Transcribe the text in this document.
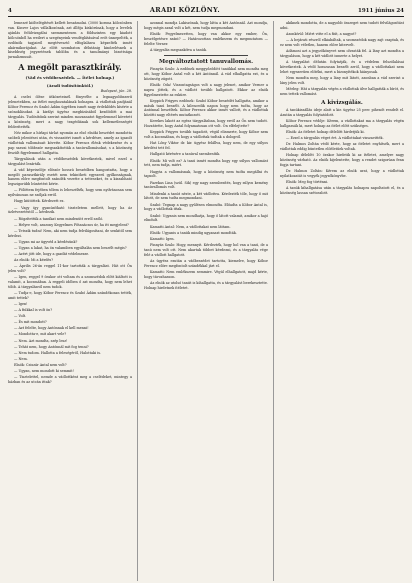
4	ARADI KÖZLÖNY.	1911 június 24

lemezzé kiöltelégítését kellett beszámolni. (3000 korona kölcsönben van. Kinver Lajos vállalkozónak, azt állítja kiskórúnak, hogy a levelek ajánlás felülvizsgálni szemmentesen a földszinten egy kiadott kölcsönből ha weilert a szegényeink vendéglátásával erőt ünnepelték, a ezdőnök tagjairól megtévesztő elfoglalásra képzelték ismét akármikorájukat. Az előtt szombaton délutánig kinőzelésnek a kisebbség jegyzetének tablóba és a tanulmányi bizottsága jurnalizmusát.

A megölt parasztkirály.

(Vád és védőbeszédek. — Ítélet holnap.)

(Aradi tudósítónktól.)

Budapest, jún. 28.

A cselei ölése ütközeteinél. fönyvélte a legnagyobbszerű jelenetekben, az ítélet meghozatalának holnapra. A vádlottak padjánál Kóbor Ferencz és Szabó Ádám ügyében ismét nagy érdeklődés kísérte a szónoklásokat. A királyi ügyész megbízásából kezdődött a mai tárgyalás. Tudósítóink szerint minden mozzanatot figyelemmel követett a közönség, mert a nagy tragédiának sok kellemetlenségét felderítették.

Néz mikor a hírlapi tárlat nyomán az első elnöki beszédet mondotta szóbeli jelentései után, és visszatért ismét a kérdésre, amely az igazolt vádlottak vallomásait követte. Kóbor Ferencz élénk védekezése és a pap szavai többször megszakították a tanúvallomásokat, s a közönség feszült figyelemmel hallgatta.

Tárgyalások után a védőbeszédek következtek, mivel ezzel a tárgyalást lezárták.

A vád képviselője először hosszú beszédben hangoztatta, hogy a megölt parasztkirály esetét nem tekintheti egyszerű gyilkosságnak, hanem előre megfontolt szándék vezette a tetteseket, és a kiszabható legszigorúbb büntetést kérte.

— Fölöttem fejében tőlem is lebeszélték, hogy sem nyilvánosan sem nyilvánosan ne szóljak erről.

Hagy kiütöttek. Kérdezett ez.

— Vagy így gyanúsítható tiszteletem mellett, hogy ha áz üzletvezetéstől — kérdezik.

— Rögzítettük a tanúkat nem mindenütt erről szóló.

— Helyre volt, asszony Kegyelmes Főtanácsos úr, ha itt megjelent?

— Tetszik tudni! Nem, aki nem tudja felvilágosítani, de senkitől sem kérdezi.

— Ugyan mi az ügyvéd a kérdésünk?

— Ugyan a lakat, ha ön valamiben egyáltalán nem beszélt mégis?

— Azért jött ide, hogy a gazdát védelmezze.

Az elnök: Mi a kérdés?

— Április 26-án reggel 11-kor tartották a tárgyalást. Hát ott Ön jelen volt?

— Igen, reggel 9 órakor ott voltam és a szomszédok előtt kiáltott is valamit, a kocsmában. A reggeli időben ő azt mondta, hogy nem lehet több. A tárgyalásról nem tudok.

— Tudja-e, hogy Kóbor Ferencz és Szabó Ádám szándékosan tették, amit tettek?

— Igen!

— A fiúkkal is volt ön?

— Volt.

— És mit mondott?

— Azt felelte, hogy Antónnak el kell menni!

— Mondotta-e, mit akart vele?

— Nem. Azt mondta, szép lesz!

— Tehát nem, hogy Antónnál mit fog tenni?

— Nem tudom. Hallotta a feleségéről, Halottaki is.

— Nem.

Elnök: Csiszár Antal nem volt?

— Ugyan, nem mondott ki semmit!

— Tisztelettel, nemde a vádlottként meg a cselédeket, mintegy a házban és az utcán ittak?

azonnal mondja Lakiszónak, hogy látta a két Antónnál. Azt mondja, hogy mégis azzal volt a két, nem tudja megmondani.

Elnök: Fegyelmezetten, hogy van akkor egy ember, Ön, beszélgetésre szánt? — Határozottan emlékezem és megmutatom — felelte Verner.

A tárgyalás megszakítva a tanúk.

Megváltoztatott tanuvallomás.

Finnyás Szalo: A ezdőnek meggyőződött tanúkkal nem mondta meg ott, hogy Kóbor Antal volt a két Antónnál. A vád elhallgatta ezt, és a közönség zúgott.

Elnök: Oda! Viszontagságos volt a nagy jelenet, amikor Verner a napra jöttek, és a vádlott tovább hallgatott. Ekkor az elnök figyelmeztette az esküre.

Keppich Frigyes ezdőnek: Szabó Kóbor beszédét hallgatta, amikor a másik tanú beszélt. A kilencedik napon hogy nem tudta, hogy az Antónnal beszéltek. Kóbor Ferencz akkor ismét vallott, és a vádlottak közötti nagy eltérés mutatkozott.

Kerekes lakott az egész tárgyalásban, hogy erről az Ön nem tudott. Hozzátette, hogy Antal folyamatosan ott volt. Ön elfelejtette?

Keppich Frigyes tovább tagadott, végül elismerte, hogy Kóbor nem volt a kocsmában, és hogy a vádlottak tudtak a dologról.

Hat Lőny Viktor dr. kir. ügyész felállva, hogy nem, de egy súlyos kérdést tett fel.

Hallgató kérésére a tanúval szembesítik.

Elnök: Mi volt ez? A tanú ismét mondta hogy egy súlyos vallomást tett, nem tudja, miért.

Hagyta a vallomásnak, hogy a közönség nem tudta megállni és tapsolt.

Fazekas Lina (szül. Sik) egy nagy szembesítés, hogy súlyos kemény tanúvallomás volt.

Mindenki a tanút nézte, a két vádlottra. Kérdezték tőle, hogy ő mit látott, de nem tudta megmondani.

Szabó: Tegnap a nagy gyűlésen elmondta. Előadta a Kóbor Antal is, hogy a vádlottak ittak.

Szabó: Ugyanis nem mondhatja, hogy ő látott valamit, amikor a hajó elindult.

Kamatti Antal: Nem, a vádlottakat nem láttam.

Elnök: Ugyanis a tanúk mindig ugyanazt mondták.

Kamatti: Igen.

Finnyás Szalo: Hogy, mennyit. Kérdezték, hogy hol van a tanú, de a tanú nem volt ott. Nem akartak többet kérdezni, és a tárgyalás vége felé a vádlott hallgatott.

Az ügyész ezután a vádbeszédet tartotta, kiemelve, hogy Kóbor Ferencz előre megfontolt szándékkal járt el.

Kamatti: Nem emlékszem semmire. Végül elhallgatott, majd kérte, hogy távozhasson.

Az elnök az utolsó tanút is kihallgatta, és a tárgyalást berekesztette. Holnap hirdetnek ítéletet.

akiknek mondotta, de a nagyobb összeget nem tudott felvilágosítást adni.

Azonkívül: Miért vitte el a fiút, a nagyot?

— A bejárati részről elkiabáltak, a szomszédok nagy zajt csaptak, és ez nem volt véletlen, hanem előre kitervelt.

Adámosi azt a jegyzőkönyvet nem olvasták fel. A lány azt mondta a tárgyaláson, hogy a két vádlott ismerte a helyet.

A tárgyalást délután folytatják, és a védelem felszólalásai következtek. A védő hosszasan beszélt arról, hogy a vádlottakat nem lehet egyszerűen elítélni, mert a bizonyítékok hiányosak.

Nem mondta meg, hogy a lány mit látott, azonban a vád szerint a lány jelen volt.

Mérleg: Hát a tárgyalás végén a vádlottak ülve hallgatták a bírót, és nem tettek vallomást.

A kivizsgálás.

A tanúkiszállás ideje alatt a kir. ügyész 25 perc pihenőt rendelt el. Azután a tárgyalás folytatódott.

Kóbor Ferencz védője: Kérem, a vádlottakat ma a tárgyalás végén hallgassák ki, mert holnap az ítélet előtt szükséges.

Elnök: Az ítéletet holnap délelőtt hirdetjük ki.

— Ezzel a tárgyalás véget ért. A vádlottakat visszavitték.

Dr. Halmos Zoltán védő kérte, hogy az ítéletet enyhítsék, mert a vádlottak eddig büntetlen előéletűek voltak.

Holnap délelőtt 10 órakor hirdetik ki az ítéletet, amelyre nagy közönség várható. Az elnök kijelentette, hogy a rendet szigorúan fenn fogja tartani.

Dr. Halmos Zoltán: Kérem az elnök urat, hogy a vádlottak nyilatkozatát is vegyék jegyzőkönyvbe.

Elnök: Meg fog történni.

A tanúk kihallgatása után a tárgyalás holnapra napoltatott el, és a közönség lassan szétoszlott.
